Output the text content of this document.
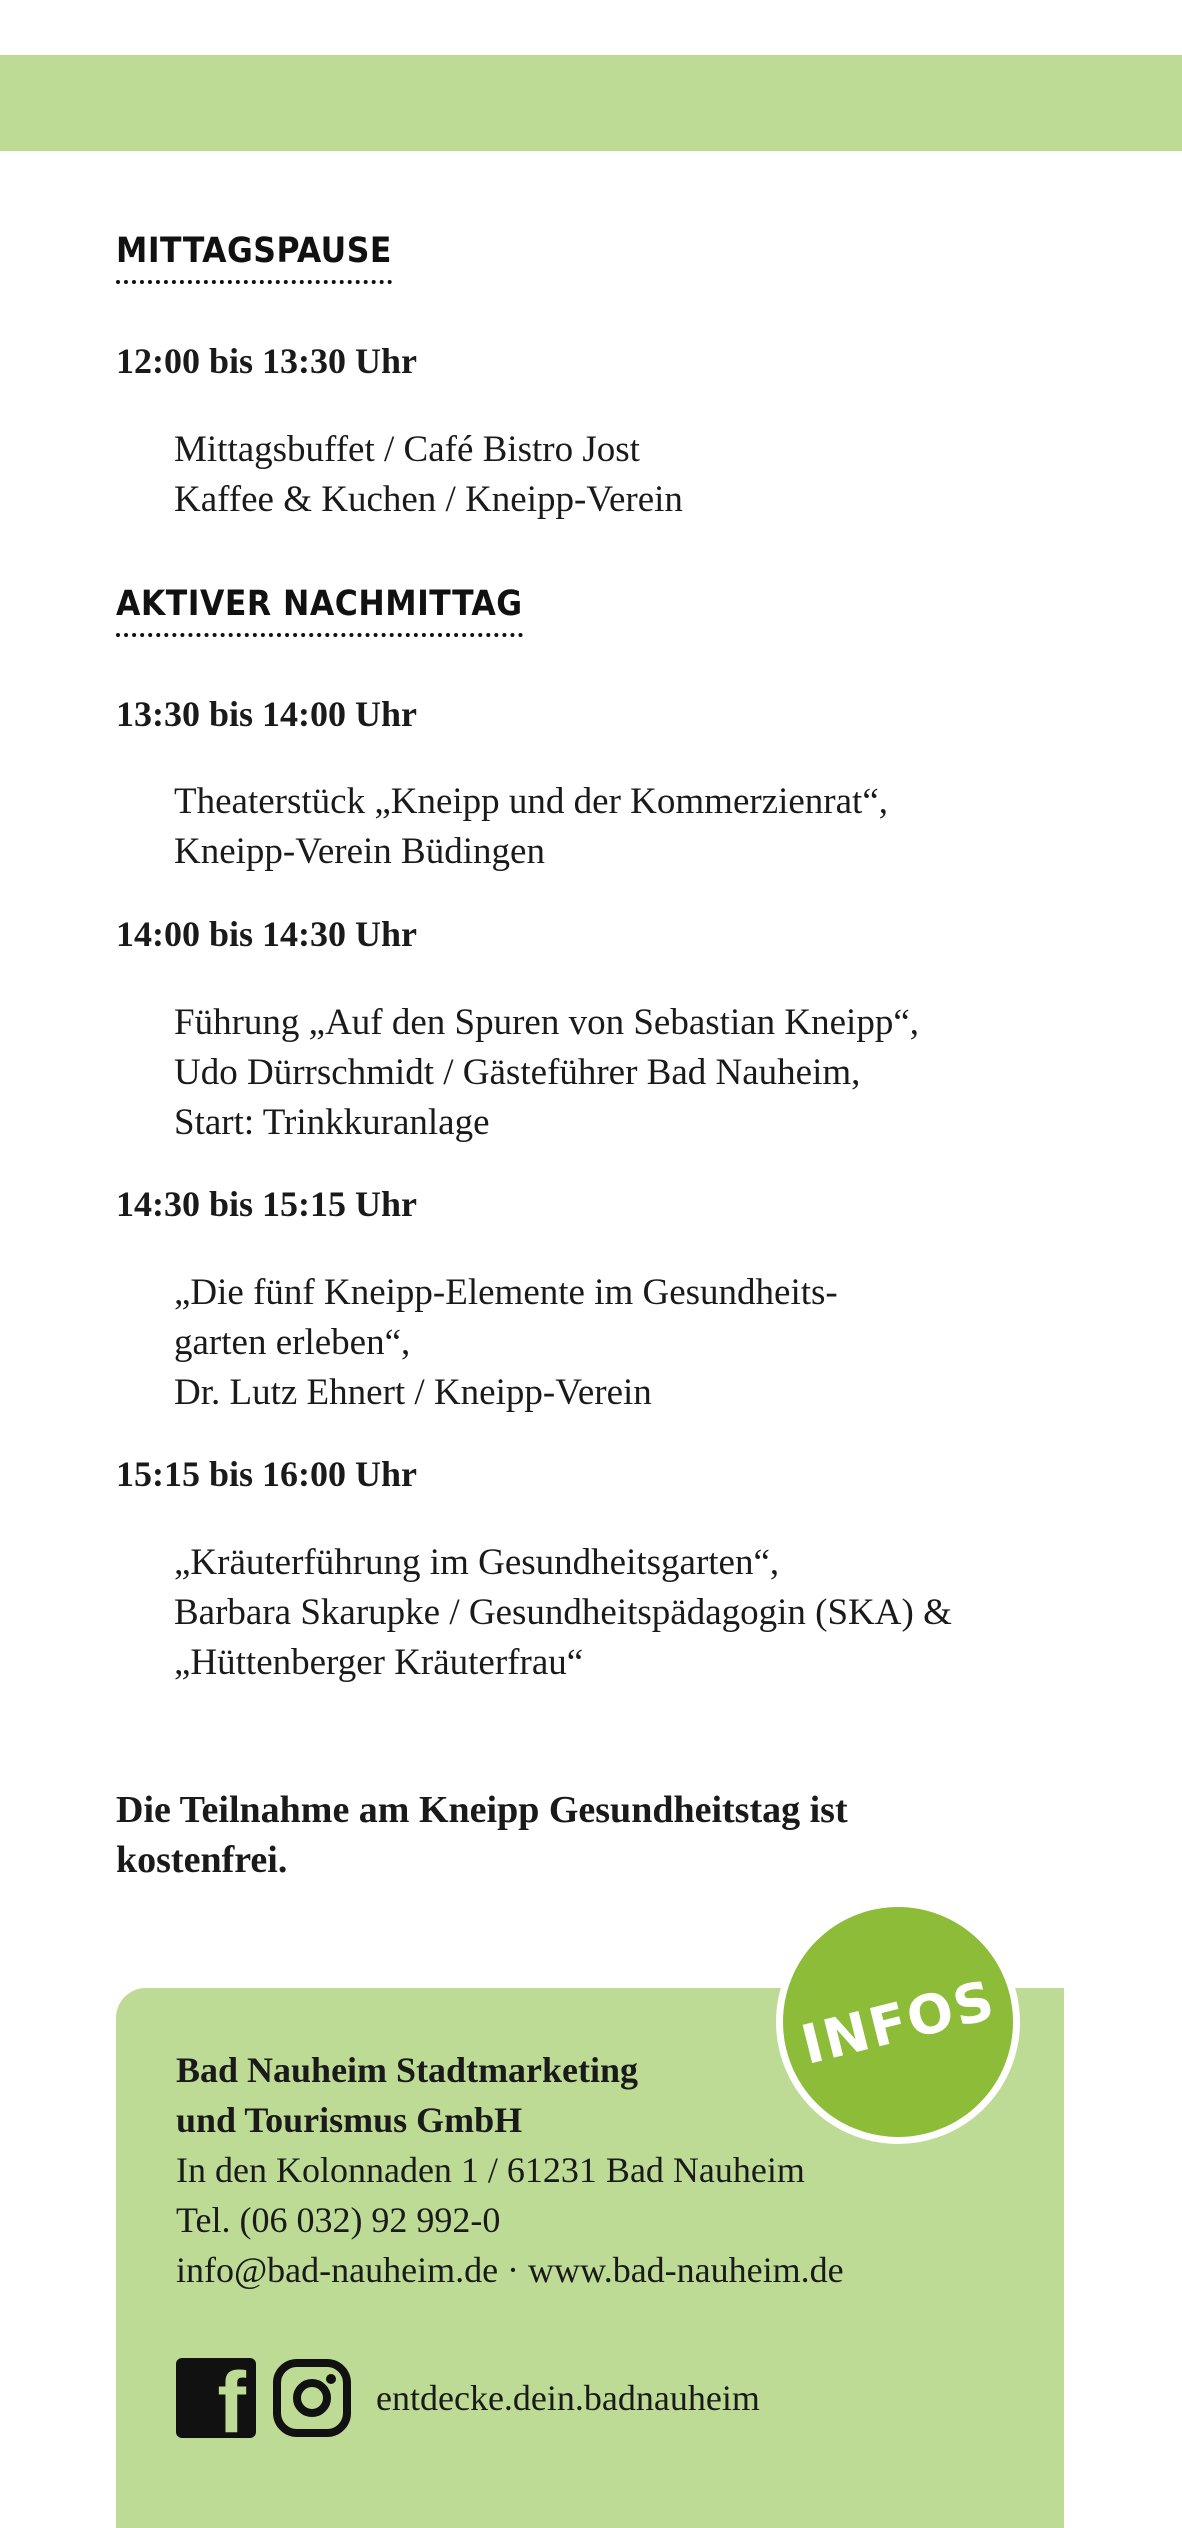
MITTAGSPAUSE

12:00 bis 13:30 Uhr

Mittagsbuffet / Café Bistro Jost
Kaffee & Kuchen / Kneipp-Verein

AKTIVER NACHMITTAG

13:30 bis 14:00 Uhr

Theaterstück „Kneipp und der Kommerzienrat“,
Kneipp-Verein Büdingen

14:00 bis 14:30 Uhr

Führung „Auf den Spuren von Sebastian Kneipp“,
Udo Dürrschmidt / Gästeführer Bad Nauheim,
Start: Trinkkuranlage

14:30 bis 15:15 Uhr

„Die fünf Kneipp-Elemente im Gesundheits-
garten erleben“,
Dr. Lutz Ehnert / Kneipp-Verein

15:15 bis 16:00 Uhr

„Kräuterführung im Gesundheitsgarten“,
Barbara Skarupke / Gesundheitspädagogin (SKA) &
„Hüttenberger Kräuterfrau“

Die Teilnahme am Kneipp Gesundheitstag ist
kostenfrei.

INFOS

Bad Nauheim Stadtmarketing
und Tourismus GmbH
In den Kolonnaden 1 / 61231 Bad Nauheim
Tel. (06 032) 92 992-0
info@bad-nauheim.de · www.bad-nauheim.de

f	entdecke.dein.badnauheim
